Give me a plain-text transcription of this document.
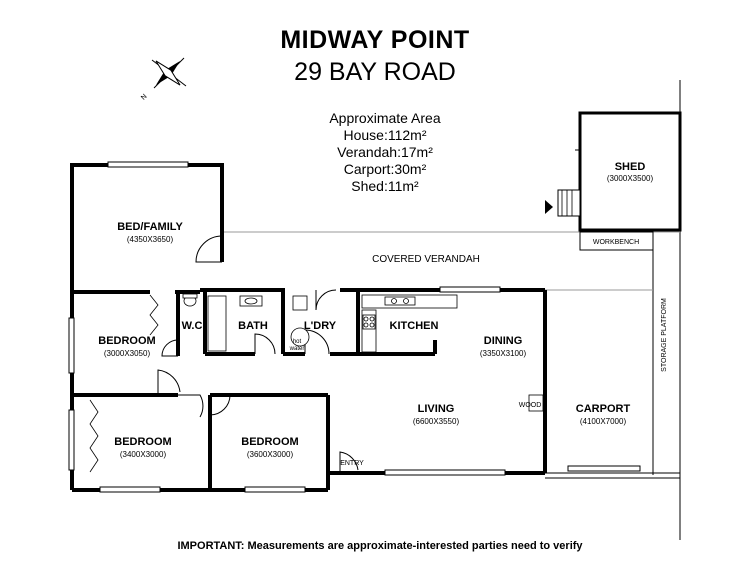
MIDWAY POINT
29 BAY ROAD
Approximate Area
House:112m²
Verandah:17m²
Carport:30m²
Shed:11m²
N
BED/FAMILY
(4350X3650)
BEDROOM
(3000X3050)
W.C	BATH	L'DRY
hot
water
KITCHEN
DINING
(3350X3100)
LIVING
(6600X3550)
WOOD
BEDROOM
(3400X3000)
BEDROOM
(3600X3000)
ENTRY
CARPORT
(4100X7000)
SHED
(3000X3500)
WORKBENCH
COVERED VERANDAH
STORAGE PLATFORM
IMPORTANT: Measurements are approximate-interested parties need to verify
